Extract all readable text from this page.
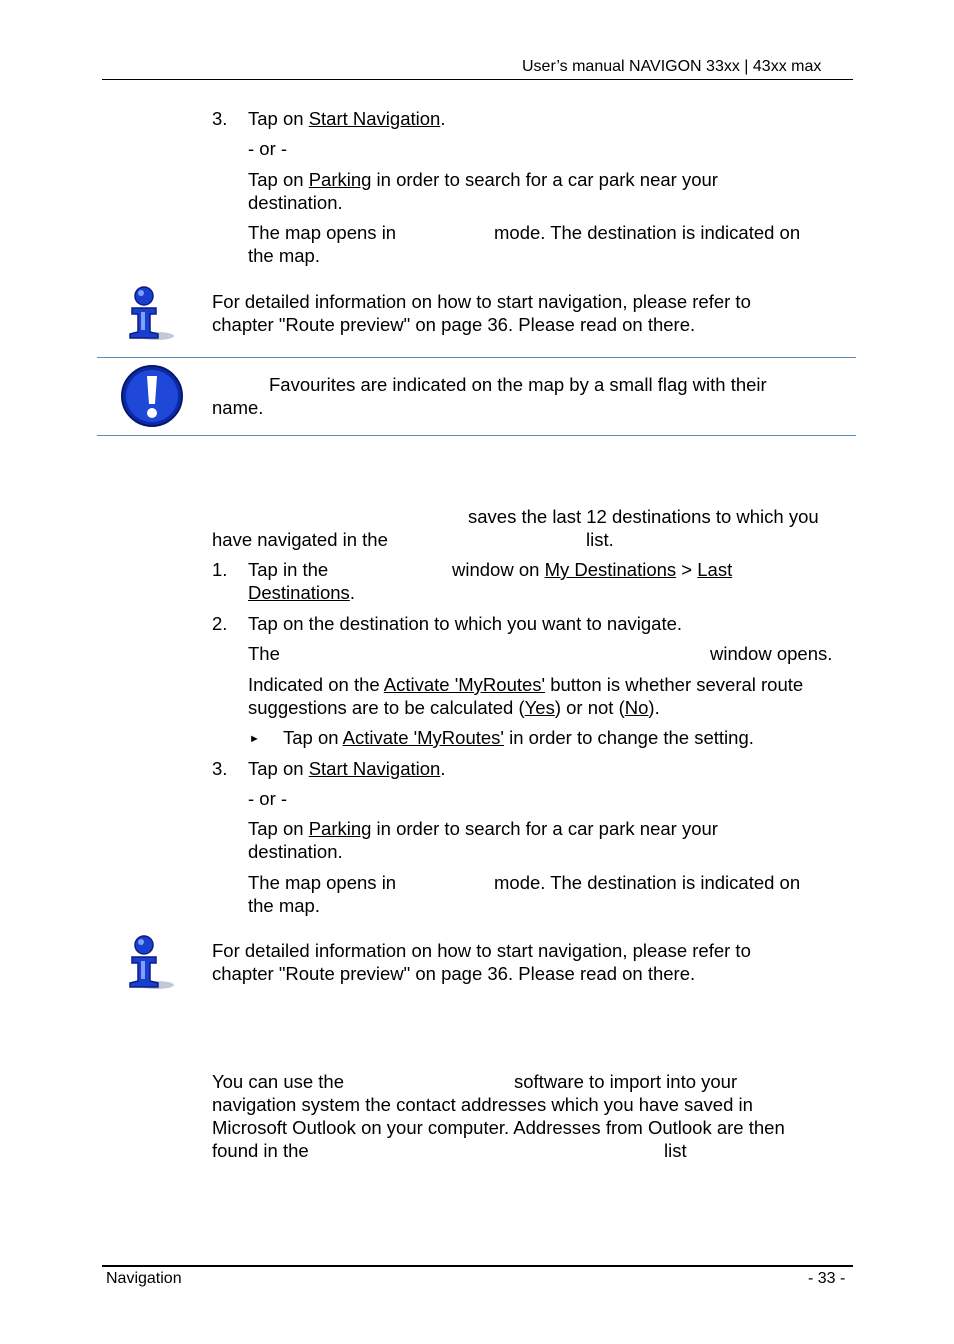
User’s manual NAVIGON 33xx | 43xx max
3. Tap on Start Navigation.
- or -
Tap on Parking in order to search for a car park near your
destination.
The map opens in	mode. The destination is indicated on
the map.
For detailed information on how to start navigation, please refer to
chapter "Route preview" on page 36. Please read on there.
Favourites are indicated on the map by a small flag with their
name.
saves the last 12 destinations to which you
have navigated in the	list.
1. Tap in the	window on My Destinations > Last
Destinations.
2. Tap on the destination to which you want to navigate.
The	window opens.
Indicated on the Activate 'MyRoutes' button is whether several route
suggestions are to be calculated (Yes) or not (No).
► Tap on Activate 'MyRoutes' in order to change the setting.
3. Tap on Start Navigation.
- or -
Tap on Parking in order to search for a car park near your
destination.
The map opens in	mode. The destination is indicated on
the map.
For detailed information on how to start navigation, please refer to
chapter "Route preview" on page 36. Please read on there.
You can use the	software to import into your
navigation system the contact addresses which you have saved in
Microsoft Outlook on your computer. Addresses from Outlook are then
found in the	list
Navigation	- 33 -
